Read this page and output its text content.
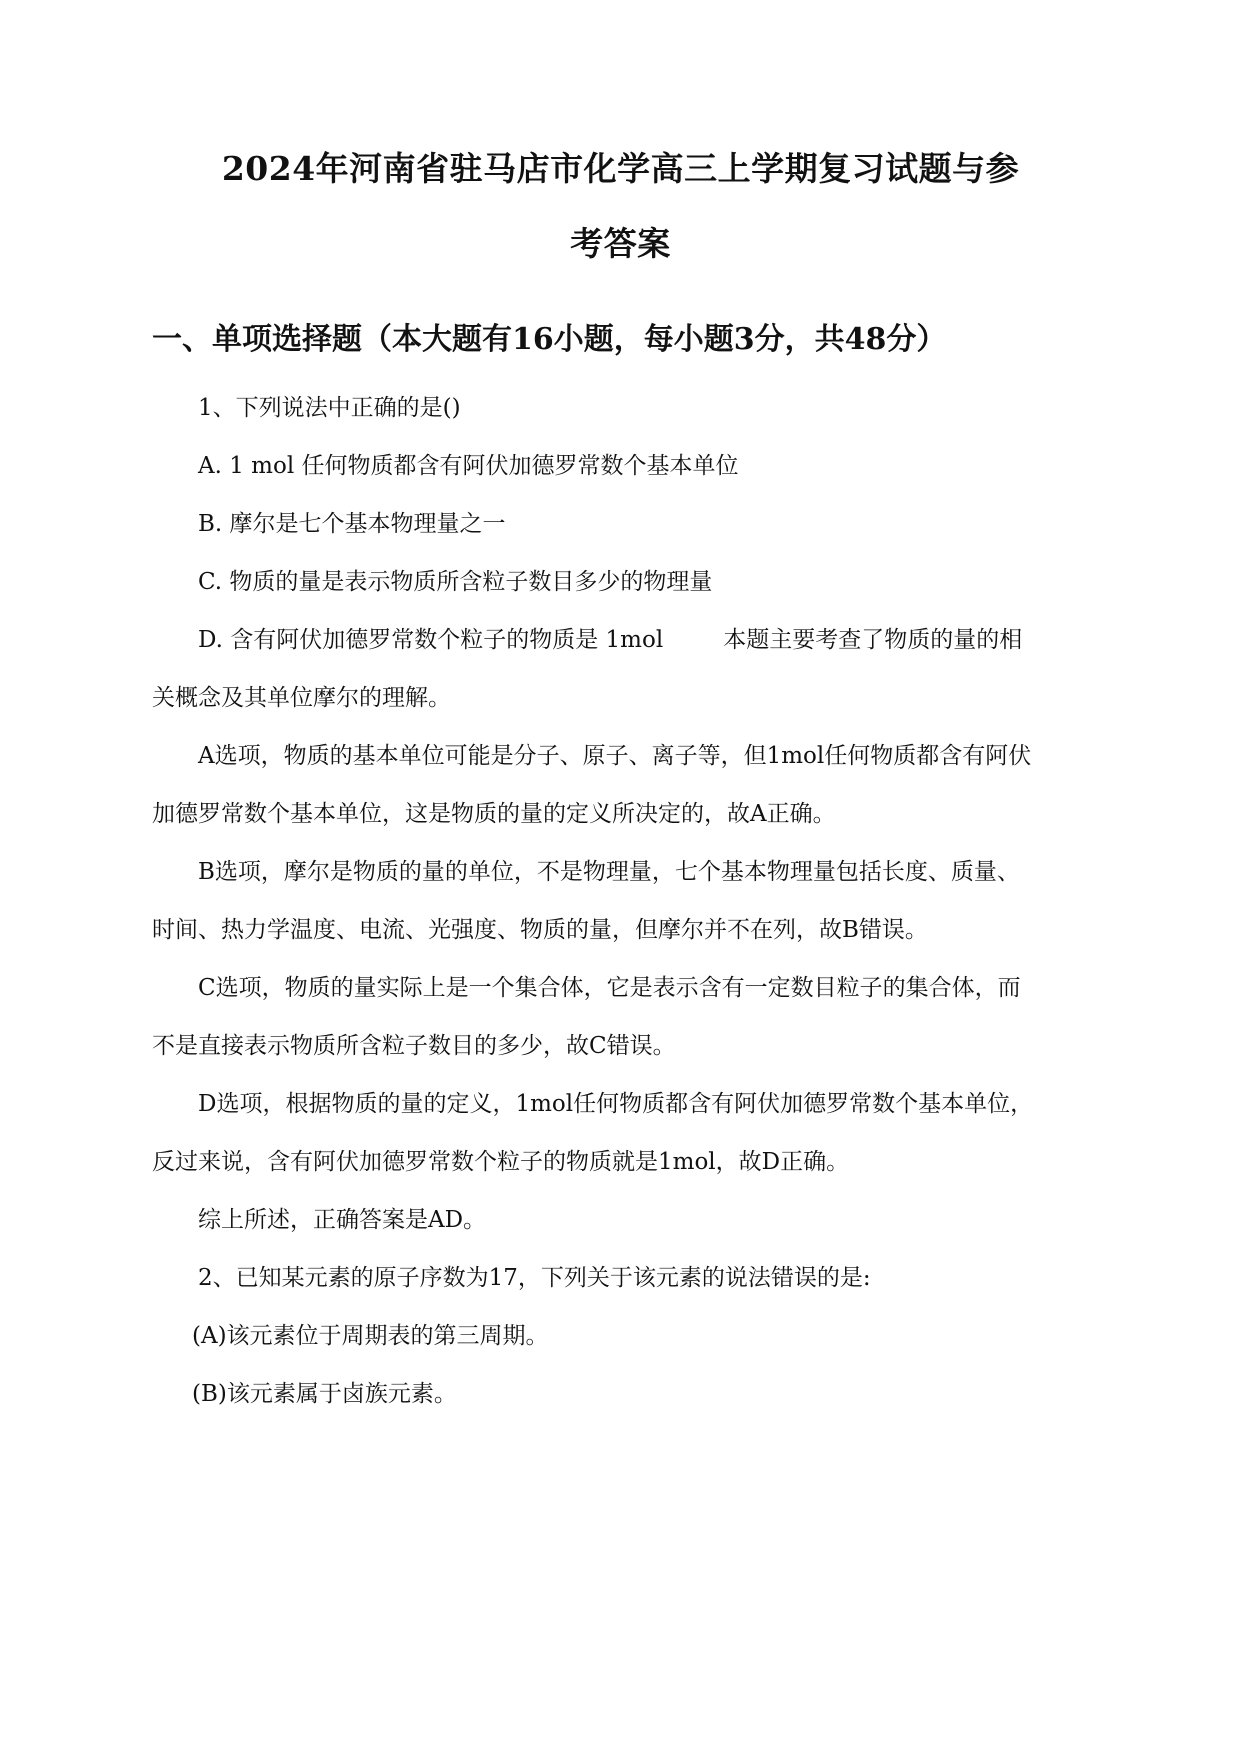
2024年河南省驻马店市化学高三上学期复习试题与参
考答案
一、单项选择题（本大题有16小题，每小题3分，共48分）
1、下列说法中正确的是()
A. 1 mol 任何物质都含有阿伏加德罗常数个基本单位
B. 摩尔是七个基本物理量之一
C. 物质的量是表示物质所含粒子数目多少的物理量
D. 含有阿伏加德罗常数个粒子的物质是 1mol	本题主要考查了物质的量的相
关概念及其单位摩尔的理解。
A选项，物质的基本单位可能是分子、原子、离子等，但1mol任何物质都含有阿伏
加德罗常数个基本单位，这是物质的量的定义所决定的，故A正确。
B选项，摩尔是物质的量的单位，不是物理量，七个基本物理量包括长度、质量、
时间、热力学温度、电流、光强度、物质的量，但摩尔并不在列，故B错误。
C选项，物质的量实际上是一个集合体，它是表示含有一定数目粒子的集合体，而
不是直接表示物质所含粒子数目的多少，故C错误。
D选项，根据物质的量的定义，1mol任何物质都含有阿伏加德罗常数个基本单位，
反过来说，含有阿伏加德罗常数个粒子的物质就是1mol，故D正确。
综上所述，正确答案是AD。
2、已知某元素的原子序数为17，下列关于该元素的说法错误的是:
(A)该元素位于周期表的第三周期。
(B)该元素属于卤族元素。
